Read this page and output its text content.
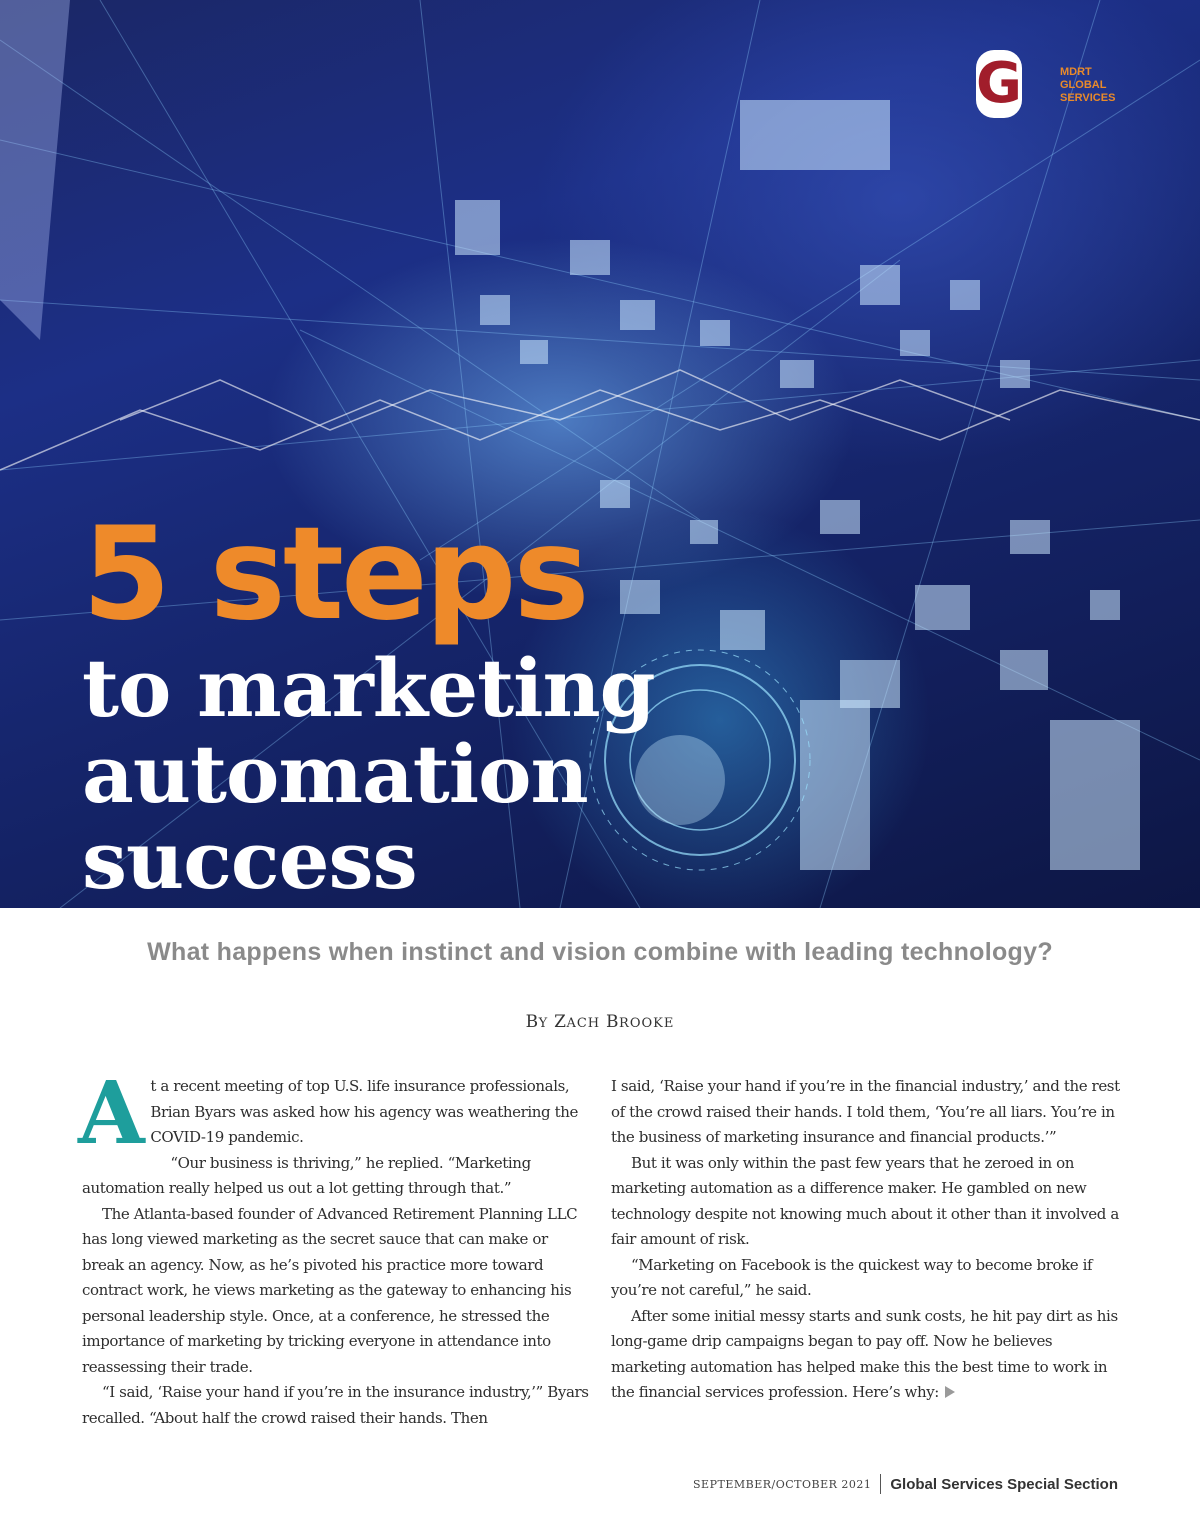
G	MDRT
GLOBAL
SERVICES
5 steps
to marketing
automation
success
What happens when instinct and vision combine with leading technology?
BY ZACH BROOKE
A t a recent meeting of top U.S. life insurance professionals, Brian Byars was asked how his agency was weathering the COVID-19 pandemic.

“Our business is thriving,” he replied. “Marketing automation really helped us out a lot getting through that.”

The Atlanta-based founder of Advanced Retirement Planning LLC has long viewed marketing as the secret sauce that can make or break an agency. Now, as he’s pivoted his practice more toward contract work, he views marketing as the gateway to enhancing his personal leadership style. Once, at a conference, he stressed the importance of marketing by tricking everyone in attendance into reassessing their trade.

“I said, ‘Raise your hand if you’re in the insurance industry,’” Byars recalled. “About half the crowd raised their hands. Then

I said, ‘Raise your hand if you’re in the financial industry,’ and the rest of the crowd raised their hands. I told them, ‘You’re all liars. You’re in the business of marketing insurance and financial products.’”

But it was only within the past few years that he zeroed in on marketing automation as a difference maker. He gambled on new technology despite not knowing much about it other than it involved a fair amount of risk.

“Marketing on Facebook is the quickest way to become broke if you’re not careful,” he said.

After some initial messy starts and sunk costs, he hit pay dirt as his long-game drip campaigns began to pay off. Now he believes marketing automation has helped make this the best time to work in the financial services profession. Here’s why:

SEPTEMBER/OCTOBER 2021 Global Services Special Section
